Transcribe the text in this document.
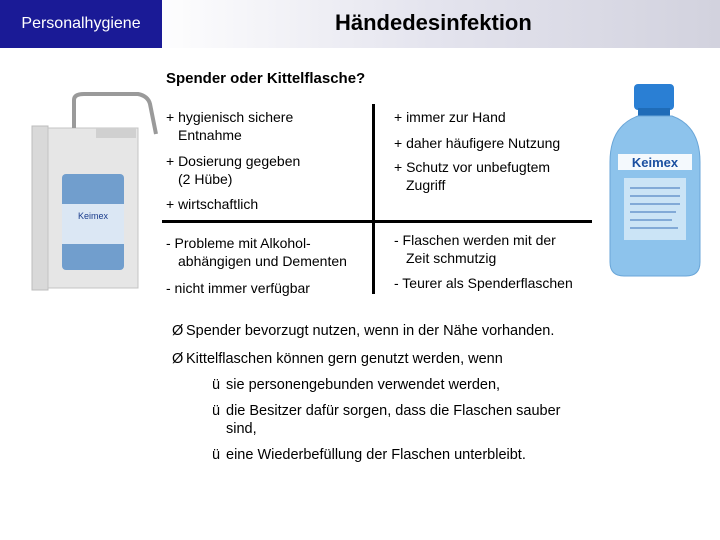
Personalhygiene	Händedesinfektion
Spender oder Kittelflasche?
Keimex
+ hygienisch sichere
Entnahme
+ Dosierung gegeben
(2 Hübe)
+ wirtschaftlich
+ immer zur Hand
+ daher häufigere Nutzung
+ Schutz vor unbefugtem
Zugriff
- Probleme mit Alkohol-
abhängigen und Dementen
- nicht immer verfügbar
- Flaschen werden mit der
Zeit schmutzig
- Teurer als Spenderflaschen
Keimex
Ø Spender bevorzugt nutzen, wenn in der Nähe vorhanden.
Ø Kittelflaschen können gern genutzt werden, wenn
ü sie personengebunden verwendet werden,
ü die Besitzer dafür sorgen, dass die Flaschen sauber
sind,
ü eine Wiederbefüllung der Flaschen unterbleibt.
